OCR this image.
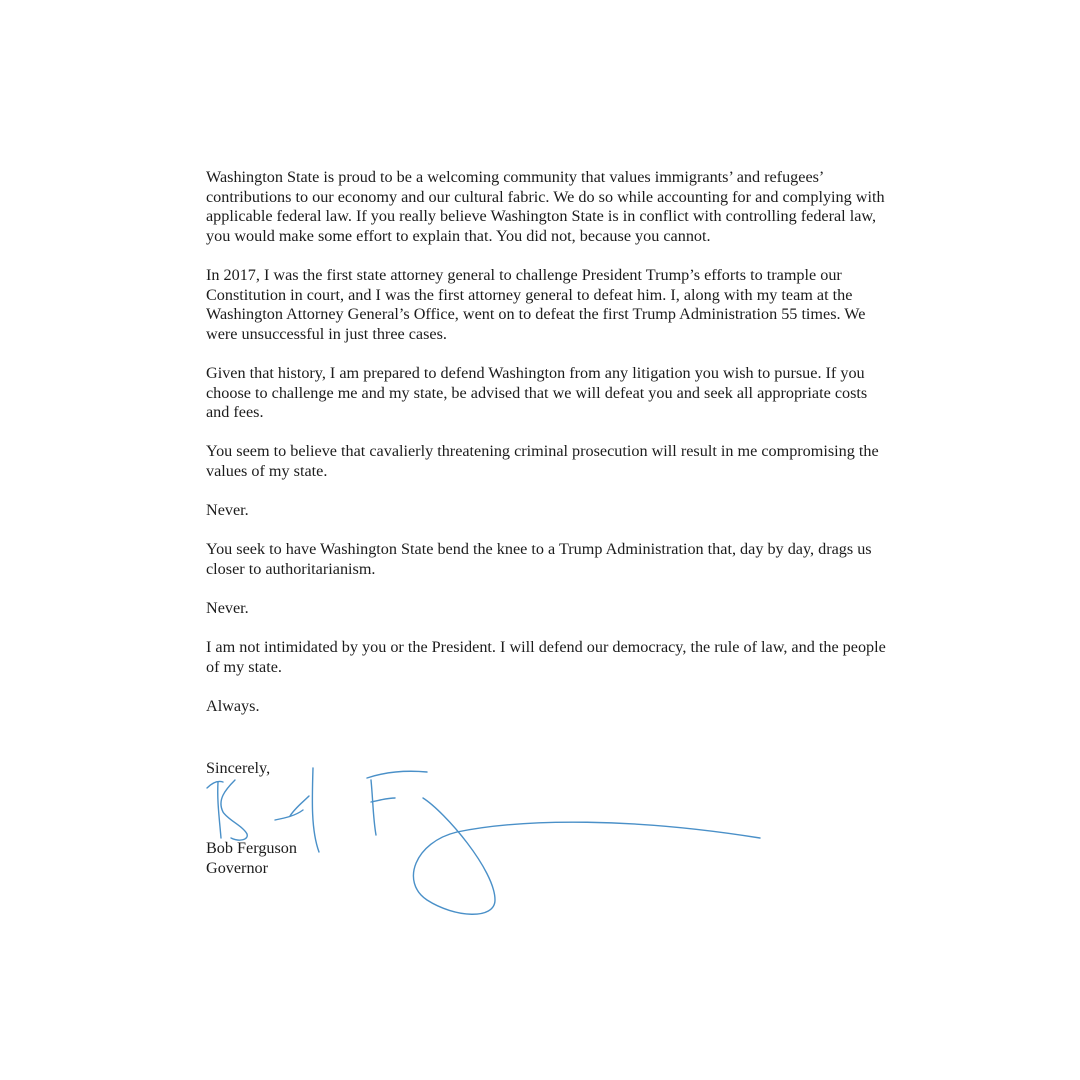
Washington State is proud to be a welcoming community that values immigrants’ and refugees’ contributions to our economy and our cultural fabric. We do so while accounting for and complying with applicable federal law. If you really believe Washington State is in conflict with controlling federal law, you would make some effort to explain that. You did not, because you cannot.

In 2017, I was the first state attorney general to challenge President Trump’s efforts to trample our Constitution in court, and I was the first attorney general to defeat him. I, along with my team at the Washington Attorney General’s Office, went on to defeat the first Trump Administration 55 times. We were unsuccessful in just three cases.

Given that history, I am prepared to defend Washington from any litigation you wish to pursue. If you choose to challenge me and my state, be advised that we will defeat you and seek all appropriate costs and fees.

You seem to believe that cavalierly threatening criminal prosecution will result in me compromising the values of my state.

Never.

You seek to have Washington State bend the knee to a Trump Administration that, day by day, drags us closer to authoritarianism.

Never.

I am not intimidated by you or the President. I will defend our democracy, the rule of law, and the people of my state.

Always.

Sincerely,
Bob Ferguson
Governor
